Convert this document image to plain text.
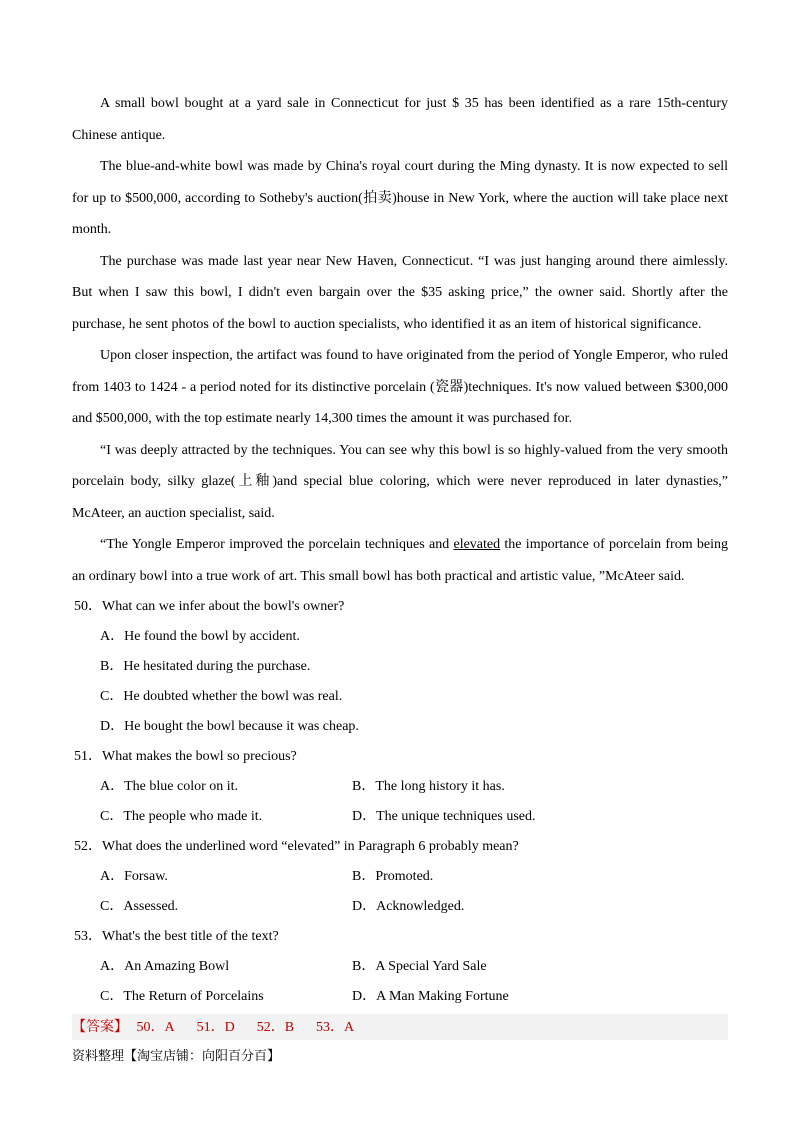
A small bowl bought at a yard sale in Connecticut for just $ 35 has been identified as a rare 15th-century Chinese antique.

The blue-and-white bowl was made by China's royal court during the Ming dynasty. It is now expected to sell for up to $500,000, according to Sotheby's auction(拍卖)house in New York, where the auction will take place next month.

The purchase was made last year near New Haven, Connecticut. “I was just hanging around there aimlessly. But when I saw this bowl, I didn't even bargain over the $35 asking price,” the owner said. Shortly after the purchase, he sent photos of the bowl to auction specialists, who identified it as an item of historical significance.

Upon closer inspection, the artifact was found to have originated from the period of Yongle Emperor, who ruled from 1403 to 1424 - a period noted for its distinctive porcelain (瓷器)techniques. It's now valued between $300,000 and $500,000, with the top estimate nearly 14,300 times the amount it was purchased for.

“I was deeply attracted by the techniques. You can see why this bowl is so highly-valued from the very smooth porcelain body, silky glaze(上釉)and special blue coloring, which were never reproduced in later dynasties,” McAteer, an auction specialist, said.

“The Yongle Emperor improved the porcelain techniques and elevated the importance of porcelain from being an ordinary bowl into a true work of art. This small bowl has both practical and artistic value, ”McAteer said.

50．What can we infer about the bowl's owner?

A．He found the bowl by accident.
B．He hesitated during the purchase.
C．He doubted whether the bowl was real.
D．He bought the bowl because it was cheap.

51．What makes the bowl so precious?

A．The blue color on it.	B．The long history it has.
C．The people who made it.	D．The unique techniques used.

52．What does the underlined word “elevated” in Paragraph 6 probably mean?

A．Forsaw.	B．Promoted.
C．Assessed.	D．Acknowledged.

53．What's the best title of the text?

A．An Amazing Bowl	B．A Special Yard Sale
C．The Return of Porcelains	D．A Man Making Fortune
【答案】 50．A 51．D 52．B 53．A
资料整理【淘宝店铺：向阳百分百】
